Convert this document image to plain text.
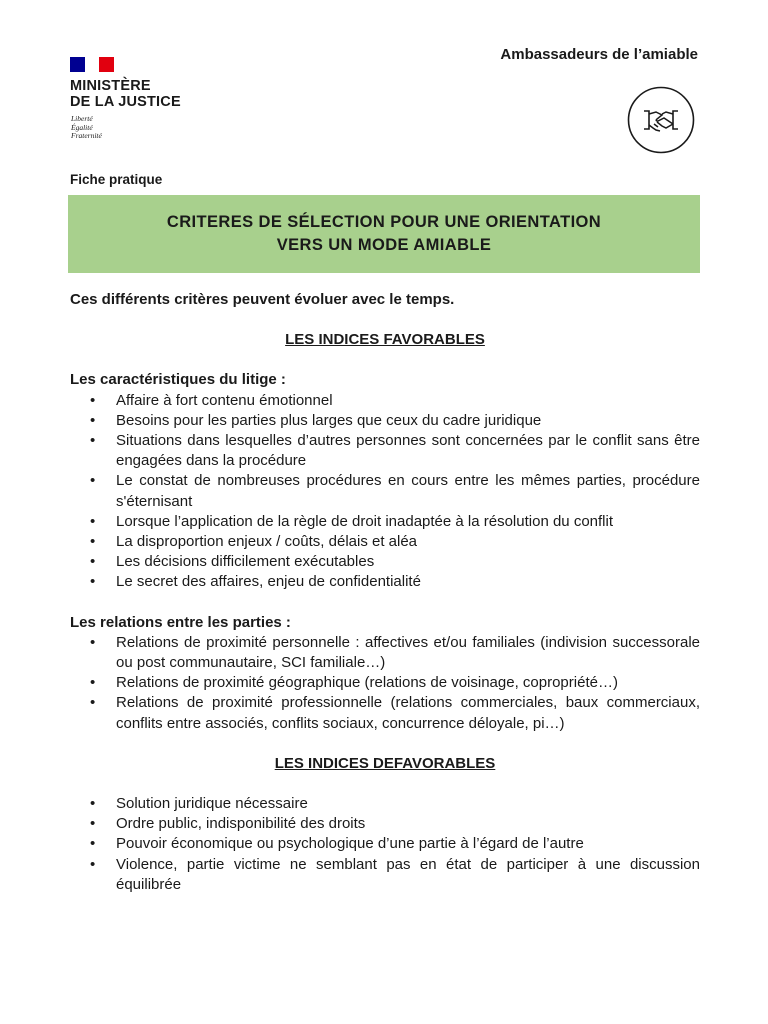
MINISTÈRE
DE LA JUSTICE
Liberté
Égalité
Fraternité
Ambassadeurs de l’amiable
Fiche pratique
CRITERES DE SÉLECTION POUR UNE ORIENTATION
VERS UN MODE AMIABLE

Ces différents critères peuvent évoluer avec le temps.

LES INDICES FAVORABLES

Les caractéristiques du litige :

• Affaire à fort contenu émotionnel
• Besoins pour les parties plus larges que ceux du cadre juridique
• Situations dans lesquelles d’autres personnes sont concernées par le conflit sans être engagées dans la procédure
• Le constat de nombreuses procédures en cours entre les mêmes parties, procédure s'éternisant
• Lorsque l’application de la règle de droit inadaptée à la résolution du conflit
• La disproportion enjeux / coûts, délais et aléa
• Les décisions difficilement exécutables
• Le secret des affaires, enjeu de confidentialité

Les relations entre les parties :

• Relations de proximité personnelle : affectives et/ou familiales (indivision successorale ou post communautaire, SCI familiale…)
• Relations de proximité géographique (relations de voisinage, copropriété…)
• Relations de proximité professionnelle (relations commerciales, baux commerciaux, conflits entre associés, conflits sociaux, concurrence déloyale, pi…)

LES INDICES DEFAVORABLES

• Solution juridique nécessaire
• Ordre public, indisponibilité des droits
• Pouvoir économique ou psychologique d’une partie à l’égard de l’autre
• Violence, partie victime ne semblant pas en état de participer à une discussion équilibrée
